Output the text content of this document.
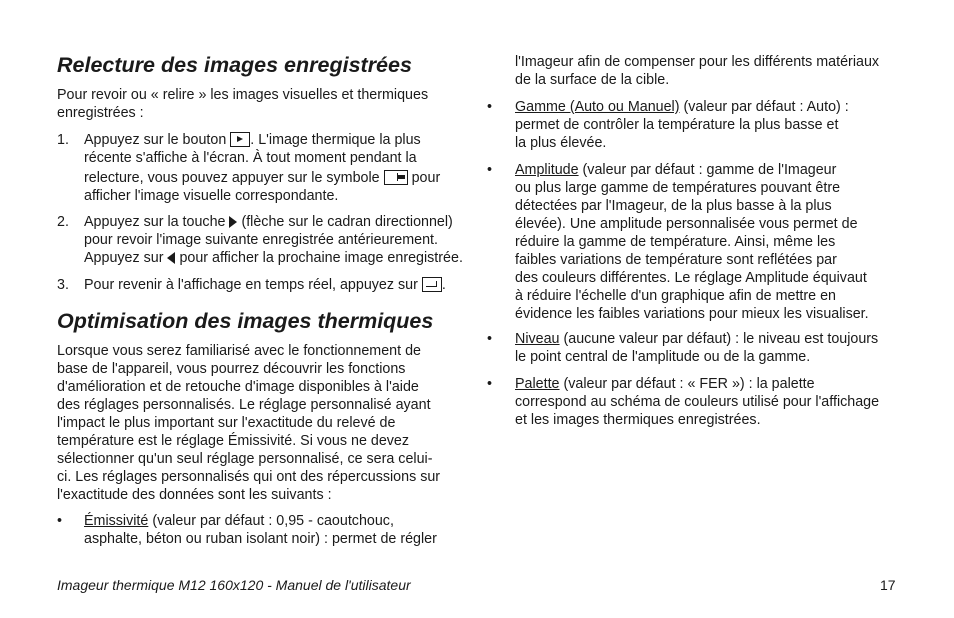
Relecture des images enregistrées
Pour revoir ou « relire » les images visuelles et thermiques
enregistrées :
1. Appuyez sur le bouton . L'image thermique la plus
récente s'affiche à l'écran. À tout moment pendant la
relecture, vous pouvez appuyer sur le symbole pour
afficher l'image visuelle correspondante.
2. Appuyez sur la touche (flèche sur le cadran directionnel)
pour revoir l'image suivante enregistrée antérieurement.
Appuyez sur pour afficher la prochaine image enregistrée.
3. Pour revenir à l'affichage en temps réel, appuyez sur .
Optimisation des images thermiques
Lorsque vous serez familiarisé avec le fonctionnement de
base de l'appareil, vous pourrez découvrir les fonctions
d'amélioration et de retouche d'image disponibles à l'aide
des réglages personnalisés. Le réglage personnalisé ayant
l'impact le plus important sur l'exactitude du relevé de
température est le réglage Émissivité. Si vous ne devez
sélectionner qu'un seul réglage personnalisé, ce sera celui-
ci. Les réglages personnalisés qui ont des répercussions sur
l'exactitude des données sont les suivants :
• Émissivité (valeur par défaut : 0,95 - caoutchouc,
asphalte, béton ou ruban isolant noir) : permet de régler
l'Imageur afin de compenser pour les différents matériaux
de la surface de la cible.
• Gamme (Auto ou Manuel) (valeur par défaut : Auto) :
permet de contrôler la température la plus basse et
la plus élevée.
• Amplitude (valeur par défaut : gamme de l'Imageur
ou plus large gamme de températures pouvant être
détectées par l'Imageur, de la plus basse à la plus
élevée). Une amplitude personnalisée vous permet de
réduire la gamme de température. Ainsi, même les
faibles variations de température sont reflétées par
des couleurs différentes. Le réglage Amplitude équivaut
à réduire l'échelle d'un graphique afin de mettre en
évidence les faibles variations pour mieux les visualiser.
• Niveau (aucune valeur par défaut) : le niveau est toujours
le point central de l'amplitude ou de la gamme.
• Palette (valeur par défaut : « FER ») : la palette
correspond au schéma de couleurs utilisé pour l'affichage
et les images thermiques enregistrées.
Imageur thermique M12 160x120 - Manuel de l'utilisateur	17
